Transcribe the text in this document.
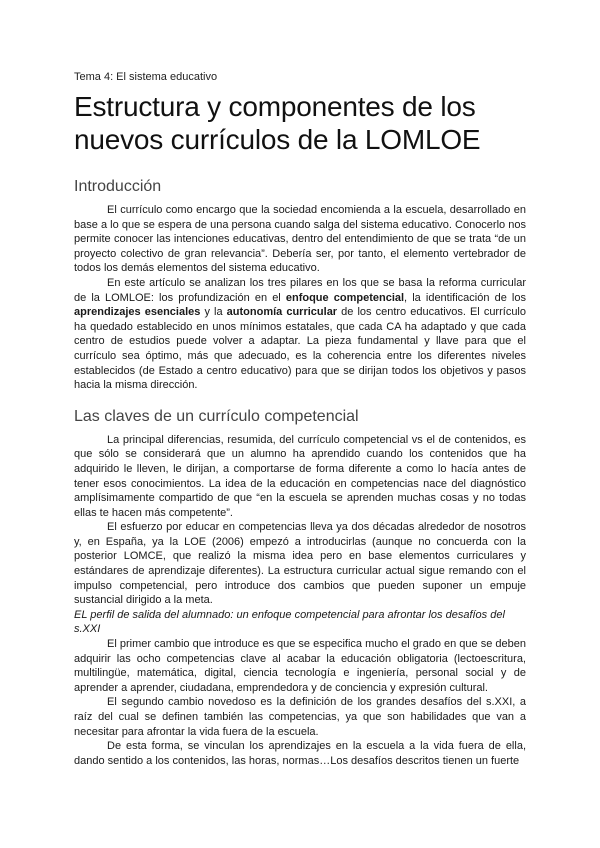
Tema 4: El sistema educativo

Estructura y componentes de los
nuevos currículos de la LOMLOE
Introducción

El currículo como encargo que la sociedad encomienda a la escuela, desarrollado en base a lo que se espera de una persona cuando salga del sistema educativo. Conocerlo nos permite conocer las intenciones educativas, dentro del entendimiento de que se trata “de un proyecto colectivo de gran relevancia”. Debería ser, por tanto, el elemento vertebrador de todos los demás elementos del sistema educativo.

En este artículo se analizan los tres pilares en los que se basa la reforma curricular de la LOMLOE: los profundización en el enfoque competencial, la identificación de los aprendizajes esenciales y la autonomía curricular de los centro educativos. El currículo ha quedado establecido en unos mínimos estatales, que cada CA ha adaptado y que cada centro de estudios puede volver a adaptar. La pieza fundamental y llave para que el currículo sea óptimo, más que adecuado, es la coherencia entre los diferentes niveles establecidos (de Estado a centro educativo) para que se dirijan todos los objetivos y pasos hacia la misma dirección.

Las claves de un currículo competencial

La principal diferencias, resumida, del currículo competencial vs el de contenidos, es que sólo se considerará que un alumno ha aprendido cuando los contenidos que ha adquirido le lleven, le dirijan, a comportarse de forma diferente a como lo hacía antes de tener esos conocimientos. La idea de la educación en competencias nace del diagnóstico amplísimamente compartido de que “en la escuela se aprenden muchas cosas y no todas ellas te hacen más competente”.

El esfuerzo por educar en competencias lleva ya dos décadas alrededor de nosotros y, en España, ya la LOE (2006) empezó a introducirlas (aunque no concuerda con la posterior LOMCE, que realizó la misma idea pero en base elementos curriculares y estándares de aprendizaje diferentes). La estructura curricular actual sigue remando con el impulso competencial, pero introduce dos cambios que pueden suponer un empuje sustancial dirigido a la meta.

EL perfil de salida del alumnado: un enfoque competencial para afrontar los desafíos del s.XXI

El primer cambio que introduce es que se especifica mucho el grado en que se deben adquirir las ocho competencias clave al acabar la educación obligatoria (lectoescritura, multilingüe, matemática, digital, ciencia tecnología e ingeniería, personal social y de aprender a aprender, ciudadana, emprendedora y de conciencia y expresión cultural.

El segundo cambio novedoso es la definición de los grandes desafíos del s.XXI, a raíz del cual se definen también las competencias, ya que son habilidades que van a necesitar para afrontar la vida fuera de la escuela.

De esta forma, se vinculan los aprendizajes en la escuela a la vida fuera de ella, dando sentido a los contenidos, las horas, normas…Los desafíos descritos tienen un fuerte
